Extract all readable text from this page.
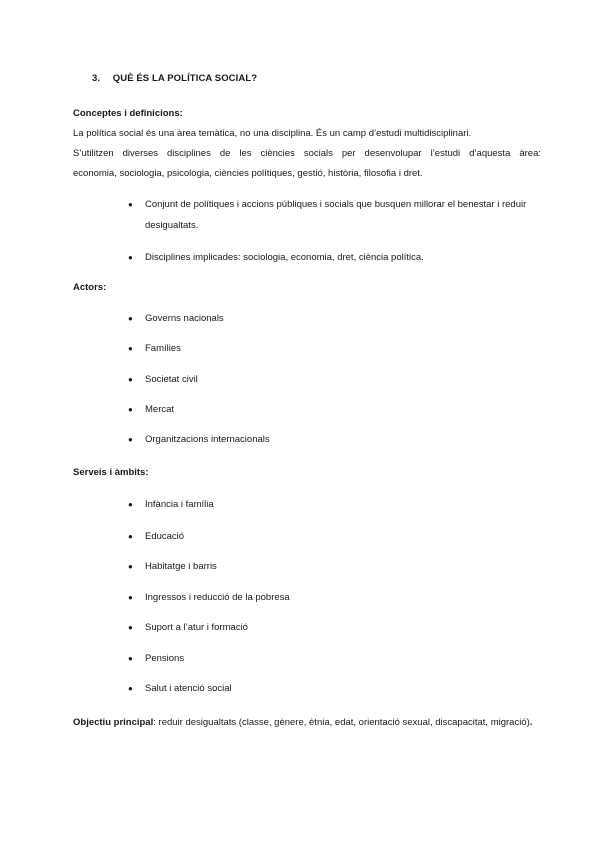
3. QUÈ ÉS LA POLÍTICA SOCIAL?
Conceptes i definicions:
La política social és una àrea temàtica, no una disciplina. És un camp d’estudi multidisciplinari.
S’utilitzen diverses disciplines de les ciències socials per desenvolupar l’estudi d’aquesta àrea:
economia, sociologia, psicologia, ciències polítiques, gestió, història, filosofia i dret.
● Conjunt de polítiques i accions públiques i socials que busquen millorar el benestar i reduir desigualtats.
● Disciplines implicades: sociologia, economia, dret, ciència política.
Actors:
● Governs nacionals
● Famílies
● Societat civil
● Mercat
● Organitzacions internacionals
Serveis i àmbits:
● Infància i família
● Educació
● Habitatge i barris
● Ingressos i reducció de la pobresa
● Suport a l’atur i formació
● Pensions
● Salut i atenció social
Objectiu principal: reduir desigualtats (classe, gènere, ètnia, edat, orientació sexual, discapacitat, migració).
